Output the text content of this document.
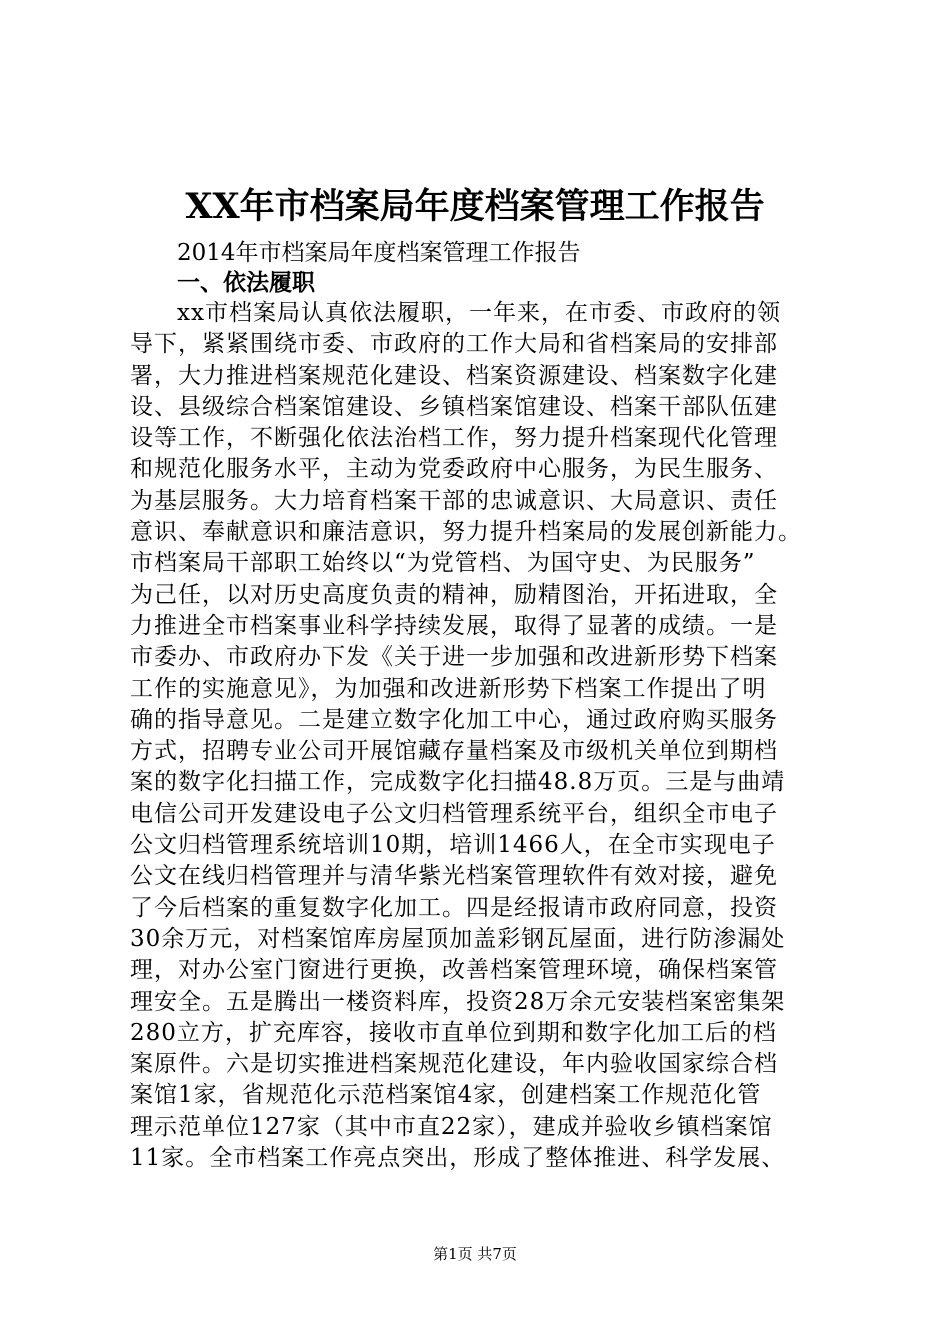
XX年市档案局年度档案管理工作报告

2014年市档案局年度档案管理工作报告

一、依法履职

xx市档案局认真依法履职，一年来，在市委、市政府的领
导下，紧紧围绕市委、市政府的工作大局和省档案局的安排部
署，大力推进档案规范化建设、档案资源建设、档案数字化建
设、县级综合档案馆建设、乡镇档案馆建设、档案干部队伍建
设等工作，不断强化依法治档工作，努力提升档案现代化管理
和规范化服务水平，主动为党委政府中心服务，为民生服务、
为基层服务。大力培育档案干部的忠诚意识、大局意识、责任
意识、奉献意识和廉洁意识，努力提升档案局的发展创新能力。
市档案局干部职工始终以“为党管档、为国守史、为民服务”
为己任，以对历史高度负责的精神，励精图治，开拓进取，全
力推进全市档案事业科学持续发展，取得了显著的成绩。一是
市委办、市政府办下发《关于进一步加强和改进新形势下档案
工作的实施意见》，为加强和改进新形势下档案工作提出了明
确的指导意见。二是建立数字化加工中心，通过政府购买服务
方式，招聘专业公司开展馆藏存量档案及市级机关单位到期档
案的数字化扫描工作，完成数字化扫描48.8万页。三是与曲靖
电信公司开发建设电子公文归档管理系统平台，组织全市电子
公文归档管理系统培训10期，培训1466人，在全市实现电子
公文在线归档管理并与清华紫光档案管理软件有效对接，避免
了今后档案的重复数字化加工。四是经报请市政府同意，投资
30余万元，对档案馆库房屋顶加盖彩钢瓦屋面，进行防渗漏处
理，对办公室门窗进行更换，改善档案管理环境，确保档案管
理安全。五是腾出一楼资料库，投资28万余元安装档案密集架
280立方，扩充库容，接收市直单位到期和数字化加工后的档
案原件。六是切实推进档案规范化建设，年内验收国家综合档
案馆1家，省规范化示范档案馆4家，创建档案工作规范化管
理示范单位127家（其中市直22家），建成并验收乡镇档案馆
11家。全市档案工作亮点突出，形成了整体推进、科学发展、
第1页 共7页
